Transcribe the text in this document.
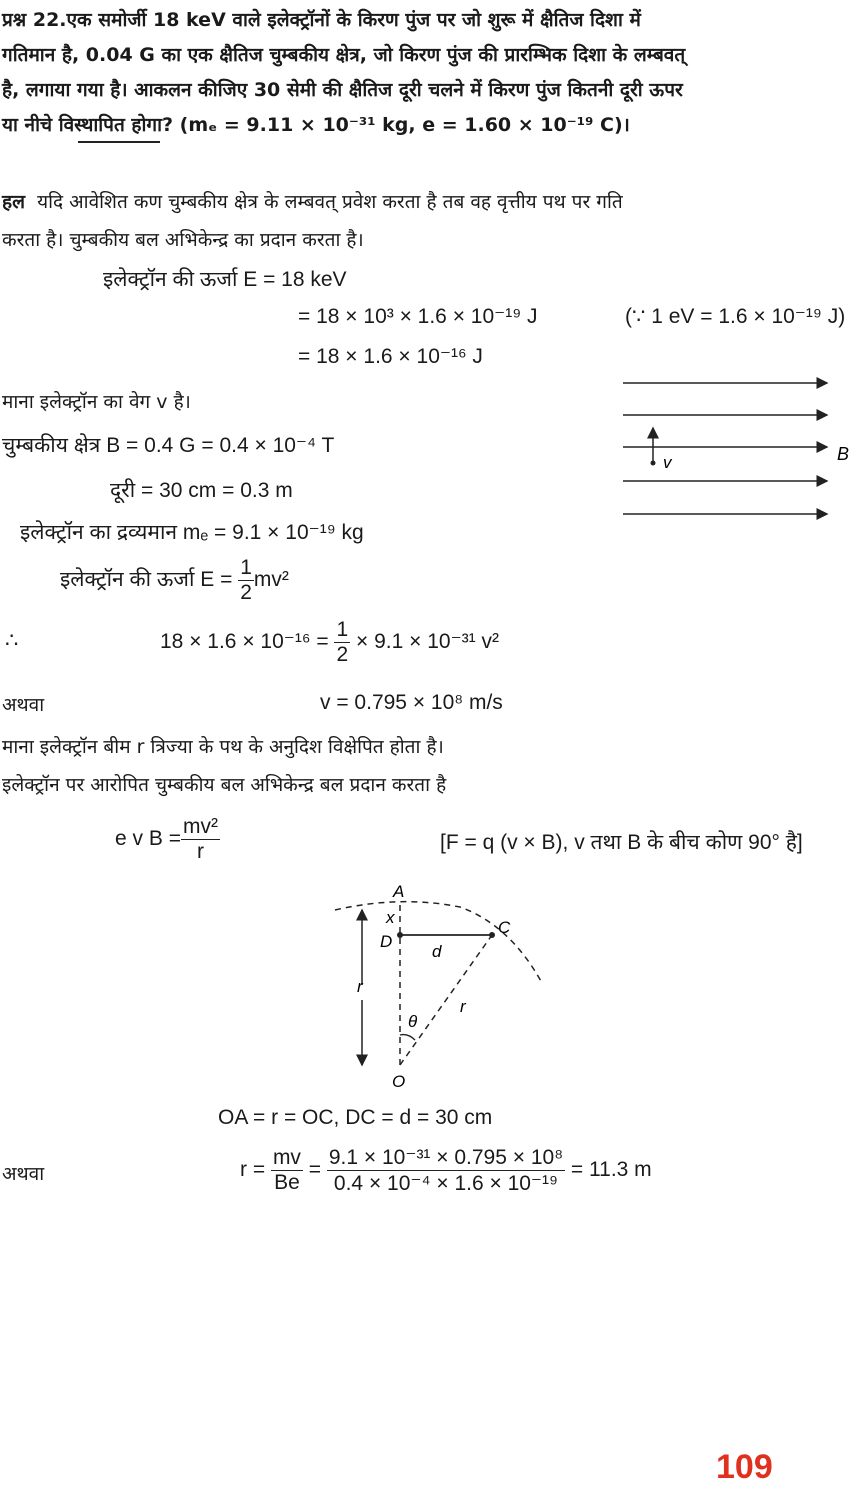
प्रश्न 22.एक समोर्जी 18 keV वाले इलेक्ट्रॉनों के किरण पुंज पर जो शुरू में क्षैतिज दिशा में
गतिमान है, 0.04 G का एक क्षैतिज चुम्बकीय क्षेत्र, जो किरण पुंज की प्रारम्भिक दिशा के लम्बवत्
है, लगाया गया है। आकलन कीजिए 30 सेमी की क्षैतिज दूरी चलने में किरण पुंज कितनी दूरी ऊपर
या नीचे विस्थापित होगा? (mₑ = 9.11 × 10⁻³¹ kg, e = 1.60 × 10⁻¹⁹ C)।
हल यदि आवेशित कण चुम्बकीय क्षेत्र के लम्बवत् प्रवेश करता है तब वह वृत्तीय पथ पर गति
करता है। चुम्बकीय बल अभिकेन्द्र का प्रदान करता है।
इलेक्ट्रॉन की ऊर्जा E = 18 keV
= 18 × 10³ × 1.6 × 10⁻¹⁹ J	(∵ 1 eV = 1.6 × 10⁻¹⁹ J)
= 18 × 1.6 × 10⁻¹⁶ J
माना इलेक्ट्रॉन का वेग v है।
चुम्बकीय क्षेत्र B = 0.4 G = 0.4 × 10⁻⁴ T
दूरी = 30 cm = 0.3 m
इलेक्ट्रॉन का द्रव्यमान mₑ = 9.1 × 10⁻¹⁹ kg
इलेक्ट्रॉन की ऊर्जा $E = \frac{1}{2} mv^2$
∴	$18 \times 1.6 \times 10^{-16} = \frac{1}{2} \times 9.1 \times 10^{-31}$ v²
अथवा	v = 0.795 × 10⁸ m/s
माना इलेक्ट्रॉन बीम r त्रिज्या के पथ के अनुदिश विक्षेपित होता है।
इलेक्ट्रॉन पर आरोपित चुम्बकीय बल अभिकेन्द्र बल प्रदान करता है
e v $B = \frac{\text{mv²}}{r}$	[F = q (v × B), v तथा B के बीच कोण 90° है]
v	B
A
x
D
C
d
r
r
θ
O
OA = r = OC, DC = d = 30 cm
अथवा	$r = \frac{mv}{Be} = \frac{\text{9.1 × 10⁻³¹ × 0.795 × 10⁸}}{\text{0.4 × 10⁻⁴ × 1.6 × 10⁻¹⁹}} = 11.3$ m
109
